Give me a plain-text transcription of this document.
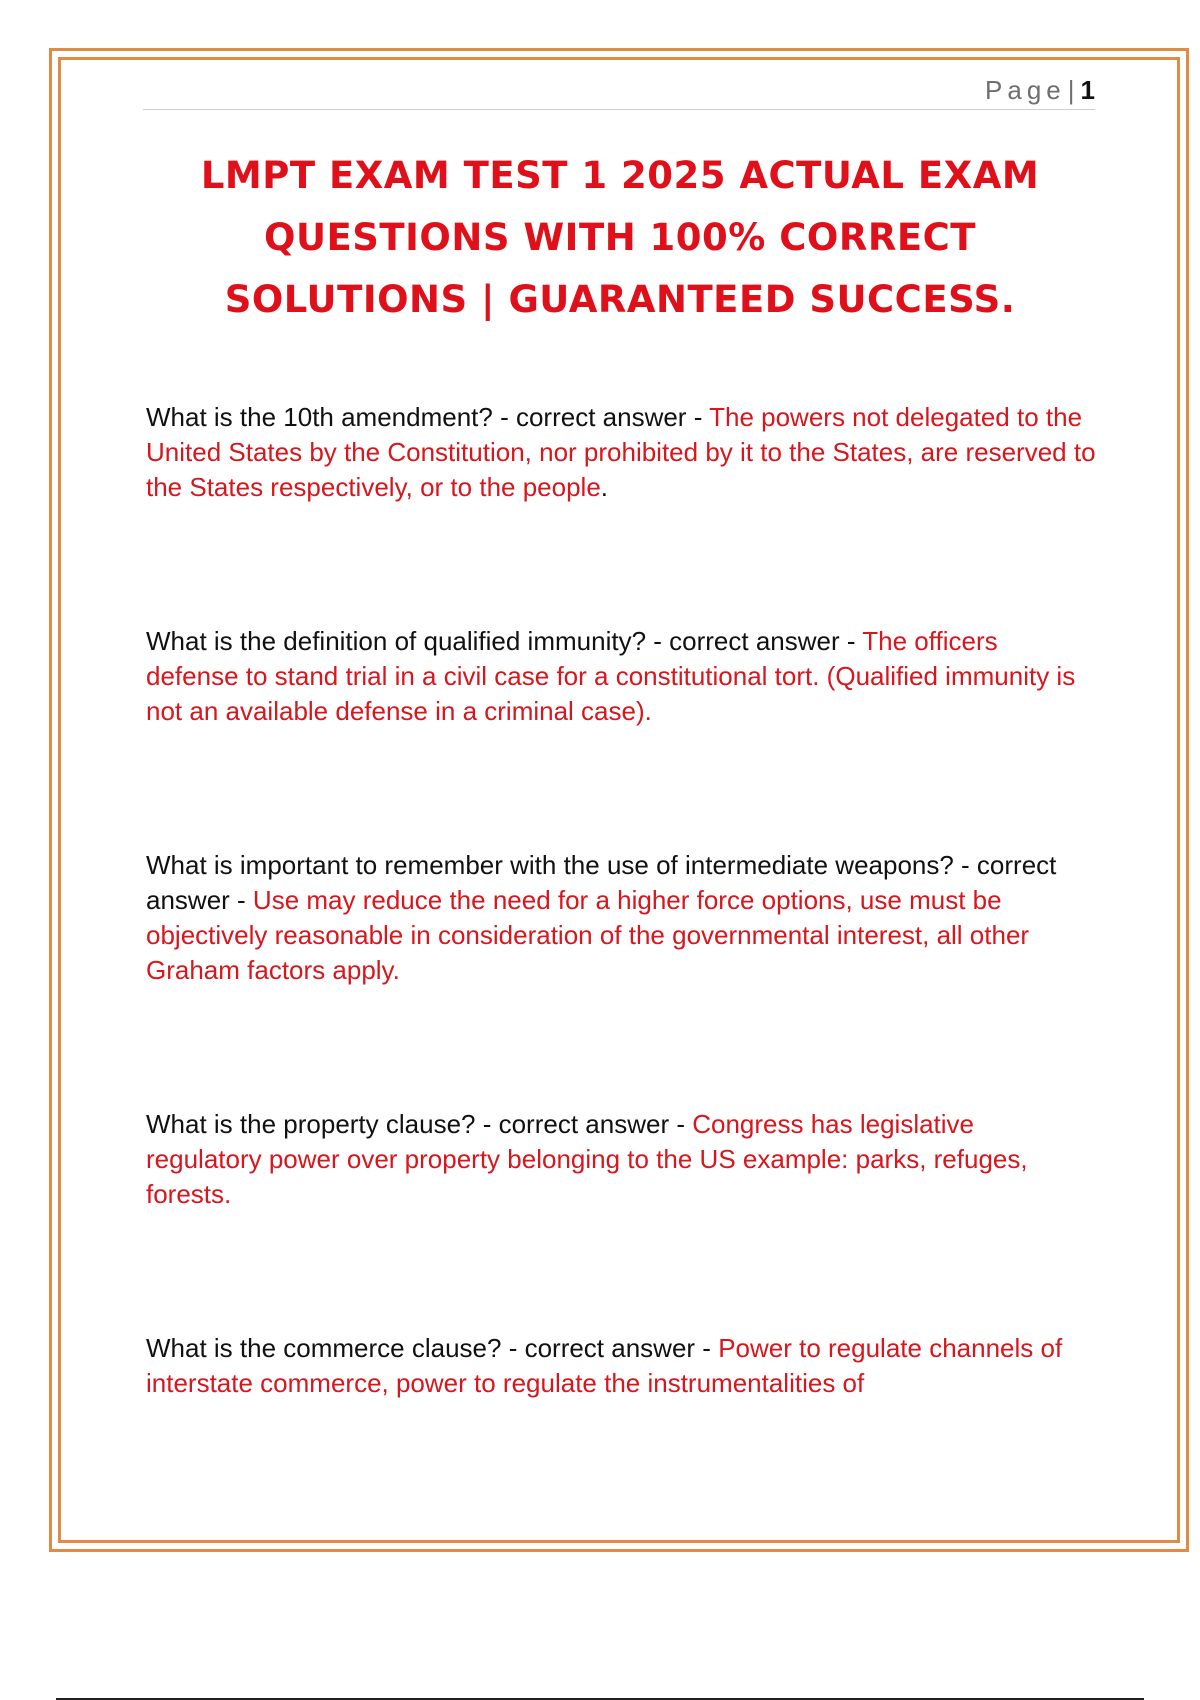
Page| 1
LMPT EXAM TEST 1 2025 ACTUAL EXAM
QUESTIONS WITH 100% CORRECT
SOLUTIONS | GUARANTEED SUCCESS.

What is the 10th amendment? - correct answer - The powers not delegated to the United States by the Constitution, nor prohibited by it to the States, are reserved to the States respectively, or to the people.

What is the definition of qualified immunity? - correct answer - The officers defense to stand trial in a civil case for a constitutional tort. (Qualified immunity is not an available defense in a criminal case).

What is important to remember with the use of intermediate weapons? - correct answer - Use may reduce the need for a higher force options, use must be objectively reasonable in consideration of the governmental interest, all other Graham factors apply.

What is the property clause? - correct answer - Congress has legislative regulatory power over property belonging to the US example: parks, refuges, forests.

What is the commerce clause? - correct answer - Power to regulate channels of interstate commerce, power to regulate the instrumentalities of
